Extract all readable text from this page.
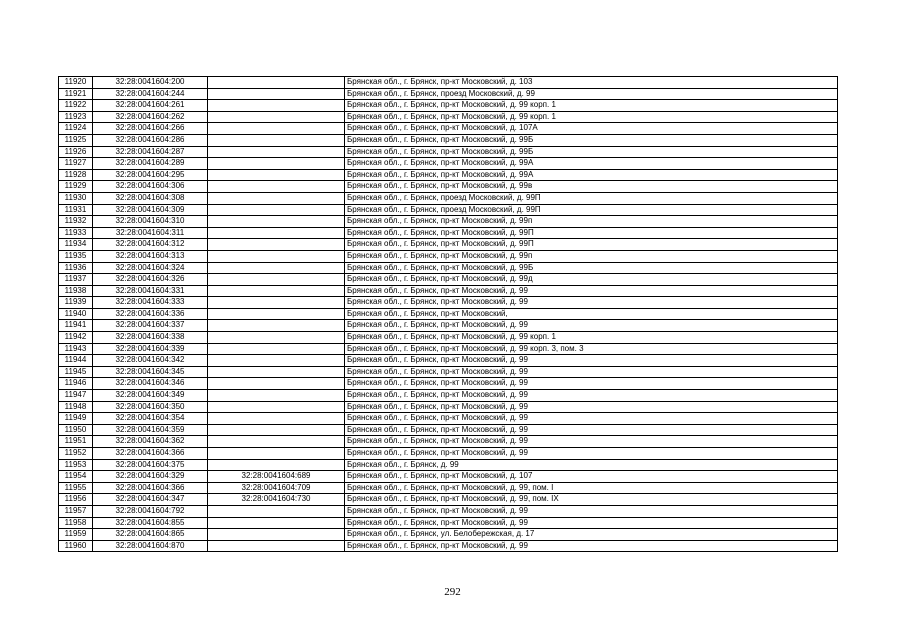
11920	32:28:0041604:200		Брянская обл., г. Брянск, пр-кт Московский, д. 103
11921	32:28:0041604:244		Брянская обл., г. Брянск, проезд Московский, д. 99
11922	32:28:0041604:261		Брянская обл., г. Брянск, пр-кт Московский, д. 99 корп. 1
11923	32:28:0041604:262		Брянская обл., г. Брянск, пр-кт Московский, д. 99 корп. 1
11924	32:28:0041604:266		Брянская обл., г. Брянск, пр-кт Московский, д. 107А
11925	32:28:0041604:286		Брянская обл., г. Брянск, пр-кт Московский, д. 99Б
11926	32:28:0041604:287		Брянская обл., г. Брянск, пр-кт Московский, д. 99Б
11927	32:28:0041604:289		Брянская обл., г. Брянск, пр-кт Московский, д. 99А
11928	32:28:0041604:295		Брянская обл., г. Брянск, пр-кт Московский, д. 99А
11929	32:28:0041604:306		Брянская обл., г. Брянск, пр-кт Московский, д. 99в
11930	32:28:0041604:308		Брянская обл., г. Брянск, проезд Московский, д. 99П
11931	32:28:0041604:309		Брянская обл., г. Брянск, проезд Московский, д. 99П
11932	32:28:0041604:310		Брянская обл., г. Брянск, пр-кт Московский, д. 99п
11933	32:28:0041604:311		Брянская обл., г. Брянск, пр-кт Московский, д. 99П
11934	32:28:0041604:312		Брянская обл., г. Брянск, пр-кт Московский, д. 99П
11935	32:28:0041604:313		Брянская обл., г. Брянск, пр-кт Московский, д. 99п
11936	32:28:0041604:324		Брянская обл., г. Брянск, пр-кт Московский, д. 99Б
11937	32:28:0041604:326		Брянская обл., г. Брянск, пр-кт Московский, д. 99д
11938	32:28:0041604:331		Брянская обл., г. Брянск, пр-кт Московский, д. 99
11939	32:28:0041604:333		Брянская обл., г. Брянск, пр-кт Московский, д. 99
11940	32:28:0041604:336		Брянская обл., г. Брянск, пр-кт Московский,
11941	32:28:0041604:337		Брянская обл., г. Брянск, пр-кт Московский, д. 99
11942	32:28:0041604:338		Брянская обл., г. Брянск, пр-кт Московский, д. 99 корп. 1
11943	32:28:0041604:339		Брянская обл., г. Брянск, пр-кт Московский, д. 99 корп. 3, пом. 3
11944	32:28:0041604:342		Брянская обл., г. Брянск, пр-кт Московский, д. 99
11945	32:28:0041604:345		Брянская обл., г. Брянск, пр-кт Московский, д. 99
11946	32:28:0041604:346		Брянская обл., г. Брянск, пр-кт Московский, д. 99
11947	32:28:0041604:349		Брянская обл., г. Брянск, пр-кт Московский, д. 99
11948	32:28:0041604:350		Брянская обл., г. Брянск, пр-кт Московский, д. 99
11949	32:28:0041604:354		Брянская обл., г. Брянск, пр-кт Московский, д. 99
11950	32:28:0041604:359		Брянская обл., г. Брянск, пр-кт Московский, д. 99
11951	32:28:0041604:362		Брянская обл., г. Брянск, пр-кт Московский, д. 99
11952	32:28:0041604:366		Брянская обл., г. Брянск, пр-кт Московский, д. 99
11953	32:28:0041604:375		Брянская обл., г. Брянск, д. 99
11954	32:28:0041604:329	32:28:0041604:689	Брянская обл., г. Брянск, пр-кт Московский, д. 107
11955	32:28:0041604:366	32:28:0041604:709	Брянская обл., г. Брянск, пр-кт Московский, д. 99, пом. I
11956	32:28:0041604:347	32:28:0041604:730	Брянская обл., г. Брянск, пр-кт Московский, д. 99, пом. IX
11957	32:28:0041604:792		Брянская обл., г. Брянск, пр-кт Московский, д. 99
11958	32:28:0041604:855		Брянская обл., г. Брянск, пр-кт Московский, д. 99
11959	32:28:0041604:865		Брянская обл., г. Брянск, ул. Белобережская, д. 17
11960	32:28:0041604:870		Брянская обл., г. Брянск, пр-кт Московский, д. 99
292
